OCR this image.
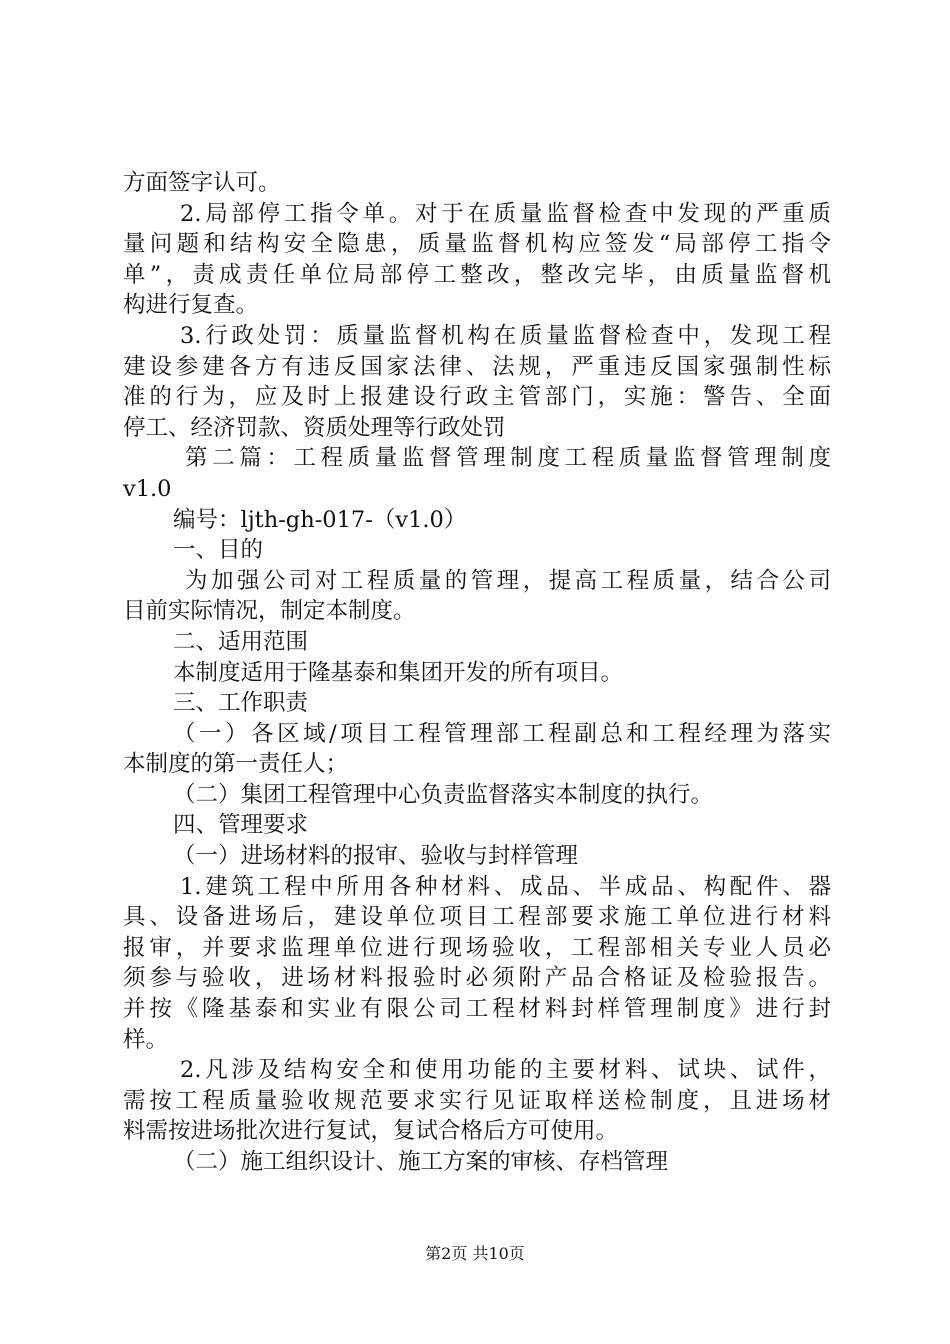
方面签字认可。
2.局部停工指令单。对于在质量监督检查中发现的严重质
量问题和结构安全隐患，质量监督机构应签发“局部停工指令
单”，责成责任单位局部停工整改，整改完毕，由质量监督机
构进行复查。
3.行政处罚：质量监督机构在质量监督检查中，发现工程
建设参建各方有违反国家法律、法规，严重违反国家强制性标
准的行为，应及时上报建设行政主管部门，实施：警告、全面
停工、经济罚款、资质处理等行政处罚
第二篇：工程质量监督管理制度工程质量监督管理制度
v1.0
编号：ljth-gh-017-（v1.0）
一、目的
为加强公司对工程质量的管理，提高工程质量，结合公司
目前实际情况，制定本制度。
二、适用范围
本制度适用于隆基泰和集团开发的所有项目。
三、工作职责
（一）各区域/项目工程管理部工程副总和工程经理为落实
本制度的第一责任人；
（二）集团工程管理中心负责监督落实本制度的执行。
四、管理要求
（一）进场材料的报审、验收与封样管理
1.建筑工程中所用各种材料、成品、半成品、构配件、器
具、设备进场后，建设单位项目工程部要求施工单位进行材料
报审，并要求监理单位进行现场验收，工程部相关专业人员必
须参与验收，进场材料报验时必须附产品合格证及检验报告。
并按《隆基泰和实业有限公司工程材料封样管理制度》进行封
样。
2.凡涉及结构安全和使用功能的主要材料、试块、试件，
需按工程质量验收规范要求实行见证取样送检制度，且进场材
料需按进场批次进行复试，复试合格后方可使用。
（二）施工组织设计、施工方案的审核、存档管理
第2页 共10页
